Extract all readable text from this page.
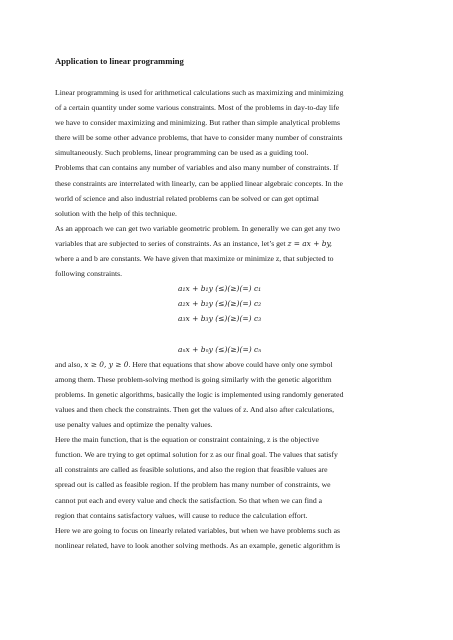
Application to linear programming
Linear programming is used for arithmetical calculations such as maximizing and minimizing
of a certain quantity under some various constraints. Most of the problems in day-to-day life
we have to consider maximizing and minimizing. But rather than simple analytical problems
there will be some other advance problems, that have to consider many number of constraints
simultaneously. Such problems, linear programming can be used as a guiding tool.
Problems that can contains any number of variables and also many number of constraints. If
these constraints are interrelated with linearly, can be applied linear algebraic concepts. In the
world of science and also industrial related problems can be solved or can get optimal
solution with the help of this technique.
As an approach we can get two variable geometric problem. In generally we can get any two
variables that are subjected to series of constraints. As an instance, let’s get z = ax + by,
where a and b are constants. We have given that maximize or minimize z, that subjected to
following constraints.
a₁x + b₁y (≤)(≥)(=) c₁
a₂x + b₂y (≤)(≥)(=) c₂
a₃x + b₃y (≤)(≥)(=) c₃
aₙx + bₙy (≤)(≥)(=) cₙ
and also, x ≥ 0, y ≥ 0. Here that equations that show above could have only one symbol
among them. These problem-solving method is going similarly with the genetic algorithm
problems. In genetic algorithms, basically the logic is implemented using randomly generated
values and then check the constraints. Then get the values of z. And also after calculations,
use penalty values and optimize the penalty values.
Here the main function, that is the equation or constraint containing, z is the objective
function. We are trying to get optimal solution for z as our final goal. The values that satisfy
all constraints are called as feasible solutions, and also the region that feasible values are
spread out is called as feasible region. If the problem has many number of constraints, we
cannot put each and every value and check the satisfaction. So that when we can find a
region that contains satisfactory values, will cause to reduce the calculation effort.
Here we are going to focus on linearly related variables, but when we have problems such as
nonlinear related, have to look another solving methods. As an example, genetic algorithm is
